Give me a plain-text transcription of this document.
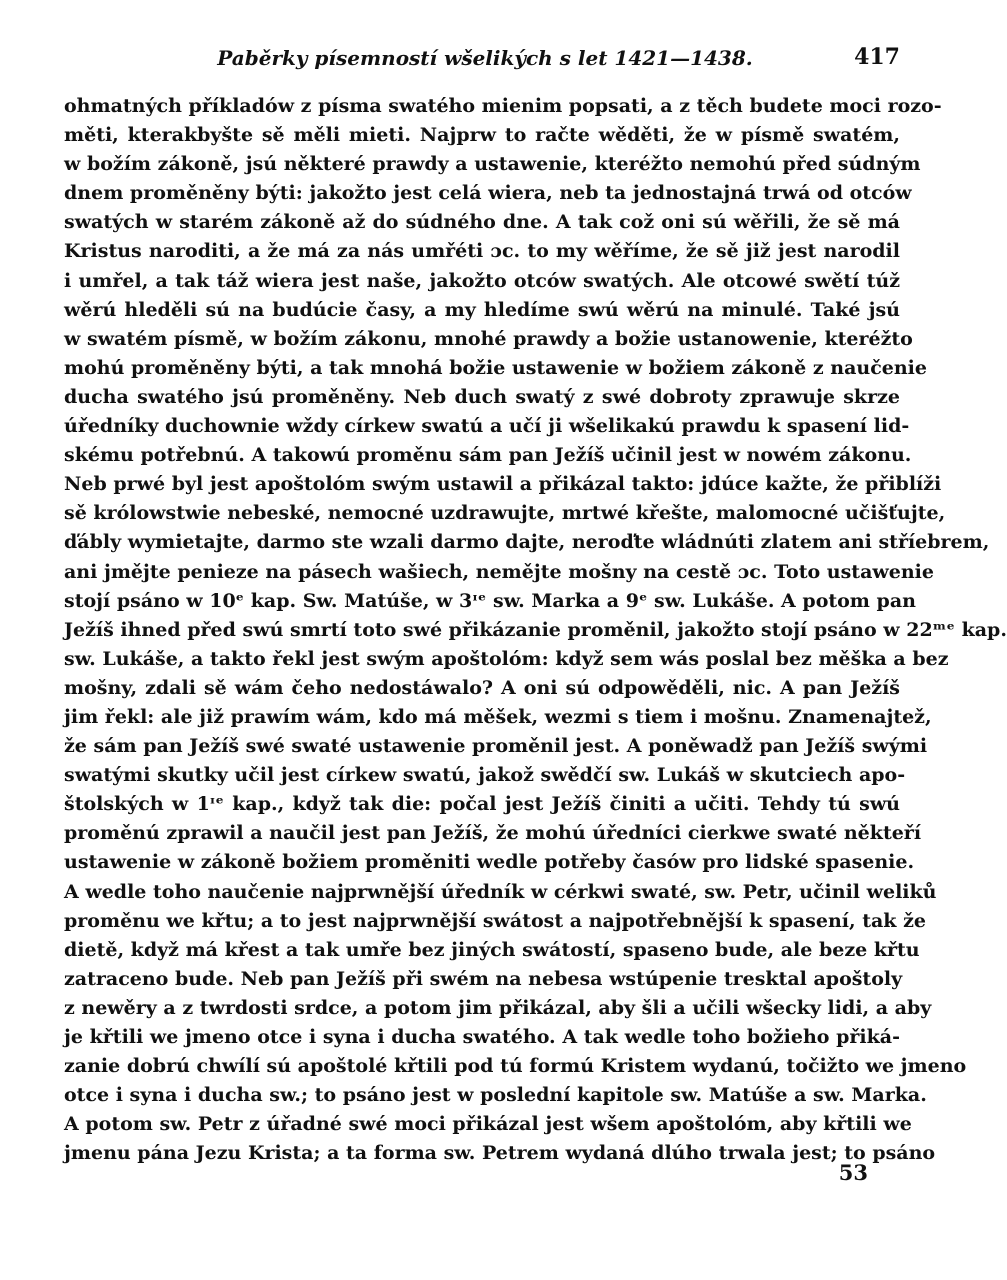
Paběrky písemností wšelikých s let 1421—1438.	417
ohmatných příkladów z písma swatého mienim popsati, a z těch budete moci rozo-
měti, kterakbyšte sě měli mieti. Najprw to račte wěděti, že w písmě swatém,
w božím zákoně, jsú některé prawdy a ustawenie, kteréžto nemohú před súdným
dnem proměněny býti: jakožto jest celá wiera, neb ta jednostajná trwá od otców
swatých w starém zákoně až do súdného dne. A tak což oni sú wěřili, že sě má
Kristus naroditi, a že má za nás umřéti ɔc. to my wěříme, že sě již jest narodil
i umřel, a tak táž wiera jest naše, jakožto otców swatých. Ale otcowé swětí túž
wěrú hleděli sú na budúcie časy, a my hledíme swú wěrú na minulé. Také jsú
w swatém písmě, w božím zákonu, mnohé prawdy a božie ustanowenie, kteréžto
mohú proměněny býti, a tak mnohá božie ustawenie w božiem zákoně z naučenie
ducha swatého jsú proměněny. Neb duch swatý z swé dobroty zprawuje skrze
úředníky duchownie wždy církew swatú a učí ji wšelikakú prawdu k spasení lid-
skému potřebnú. A takowú proměnu sám pan Ježíš učinil jest w nowém zákonu.
Neb prwé byl jest apoštolóm swým ustawil a přikázal takto: jdúce kažte, že přiblíži
sě królowstwie nebeské, nemocné uzdrawujte, mrtwé křešte, malomocné učišťujte,
ďábly wymietajte, darmo ste wzali darmo dajte, neroďte wládnúti zlatem ani stříebrem,
ani jmějte penieze na pásech wašiech, nemějte mošny na cestě ɔc. Toto ustawenie
stojí psáno w 10ᵉ kap. Sw. Matúše, w 3ᶦᵉ sw. Marka a 9ᵉ sw. Lukáše. A potom pan
Ježíš ihned před swú smrtí toto swé přikázanie proměnil, jakožto stojí psáno w 22ᵐᵉ kap.
sw. Lukáše, a takto řekl jest swým apoštolóm: když sem wás poslal bez měška a bez
mošny, zdali sě wám čeho nedostáwalo? A oni sú odpowěděli, nic. A pan Ježíš
jim řekl: ale již prawím wám, kdo má měšek, wezmi s tiem i mošnu. Znamenajtež,
že sám pan Ježíš swé swaté ustawenie proměnil jest. A poněwadž pan Ježíš swými
swatými skutky učil jest církew swatú, jakož swědčí sw. Lukáš w skutciech apo-
štolských w 1ᶦᵉ kap., když tak die: počal jest Ježíš činiti a učiti. Tehdy tú swú
proměnú zprawil a naučil jest pan Ježíš, že mohú úředníci cierkwe swaté někteří
ustawenie w zákoně božiem proměniti wedle potřeby časów pro lidské spasenie.
A wedle toho naučenie najprwnější úředník w cérkwi swaté, sw. Petr, učinil weliků
proměnu we křtu; a to jest najprwnější swátost a najpotřebnější k spasení, tak že
dietě, když má křest a tak umře bez jiných swátostí, spaseno bude, ale beze křtu
zatraceno bude. Neb pan Ježíš při swém na nebesa wstúpenie tresktal apoštoly
z newěry a z twrdosti srdce, a potom jim přikázal, aby šli a učili wšecky lidi, a aby
je křtili we jmeno otce i syna i ducha swatého. A tak wedle toho božieho přiká-
zanie dobrú chwílí sú apoštolé křtili pod tú formú Kristem wydanú, točižto we jmeno
otce i syna i ducha sw.; to psáno jest w poslední kapitole sw. Matúše a sw. Marka.
A potom sw. Petr z úřadné swé moci přikázal jest wšem apoštolóm, aby křtili we
jmenu pána Jezu Krista; a ta forma sw. Petrem wydaná dlúho trwala jest; to psáno
53
